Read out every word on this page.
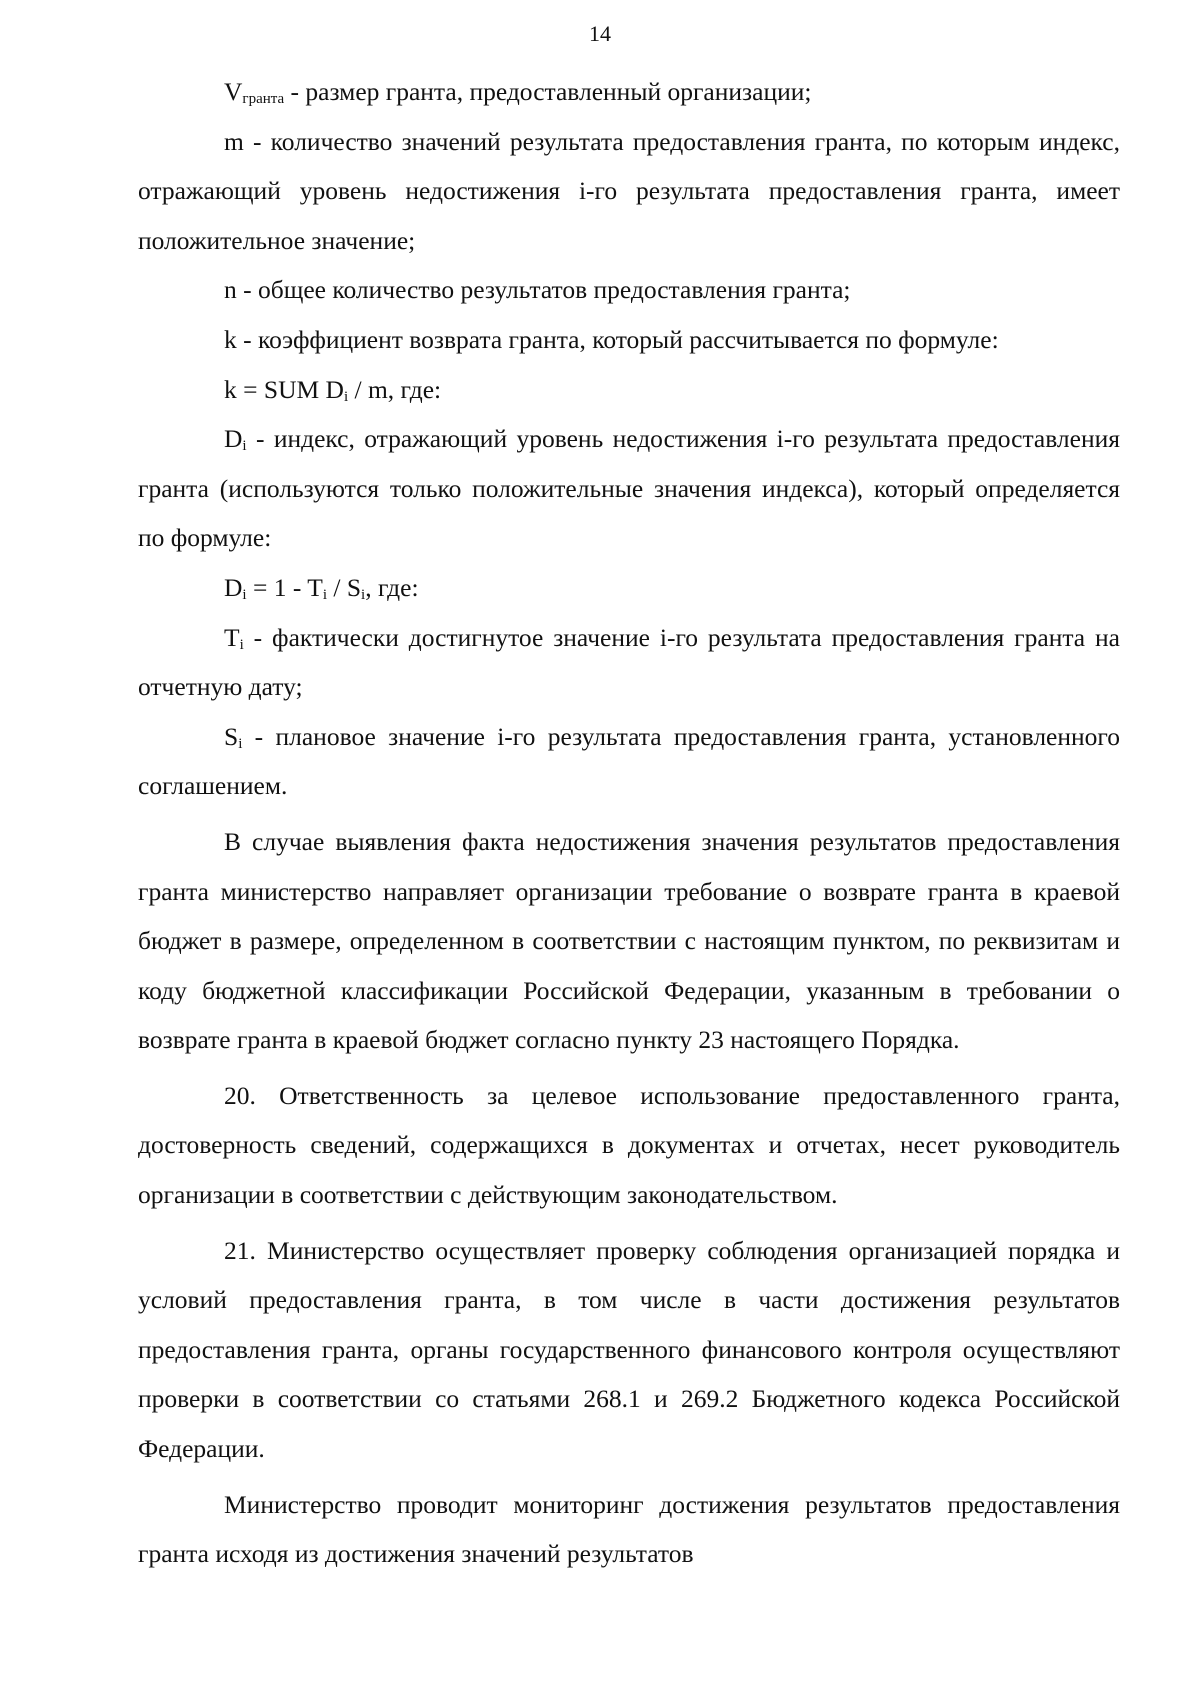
14

$V_{гранта}$ - размер гранта, предоставленный организации;

m - количество значений результата предоставления гранта, по которым индекс, отражающий уровень недостижения i-го результата предоставления гранта, имеет положительное значение;

n - общее количество результатов предоставления гранта;

k - коэффициент возврата гранта, который рассчитывается по формуле:

k = SUM $D_i$ / m, где:

$D_i$ - индекс, отражающий уровень недостижения i-го результата предоставления гранта (используются только положительные значения индекса), который определяется по формуле:

$D_i = 1 - T_i / S_i$, где:

$T_i$ - фактически достигнутое значение i-го результата предоставления гранта на отчетную дату;

$S_i$ - плановое значение i-го результата предоставления гранта, установленного соглашением.

В случае выявления факта недостижения значения результатов предоставления гранта министерство направляет организации требование о возврате гранта в краевой бюджет в размере, определенном в соответствии с настоящим пунктом, по реквизитам и коду бюджетной классификации Российской Федерации, указанным в требовании о возврате гранта в краевой бюджет согласно пункту 23 настоящего Порядка.

20. Ответственность за целевое использование предоставленного гранта, достоверность сведений, содержащихся в документах и отчетах, несет руководитель организации в соответствии с действующим законодательством.

21. Министерство осуществляет проверку соблюдения организацией порядка и условий предоставления гранта, в том числе в части достижения результатов предоставления гранта, органы государственного финансового контроля осуществляют проверки в соответствии со статьями 268.1 и 269.2 Бюджетного кодекса Российской Федерации.

Министерство проводит мониторинг достижения результатов предоставления гранта исходя из достижения значений результатов
